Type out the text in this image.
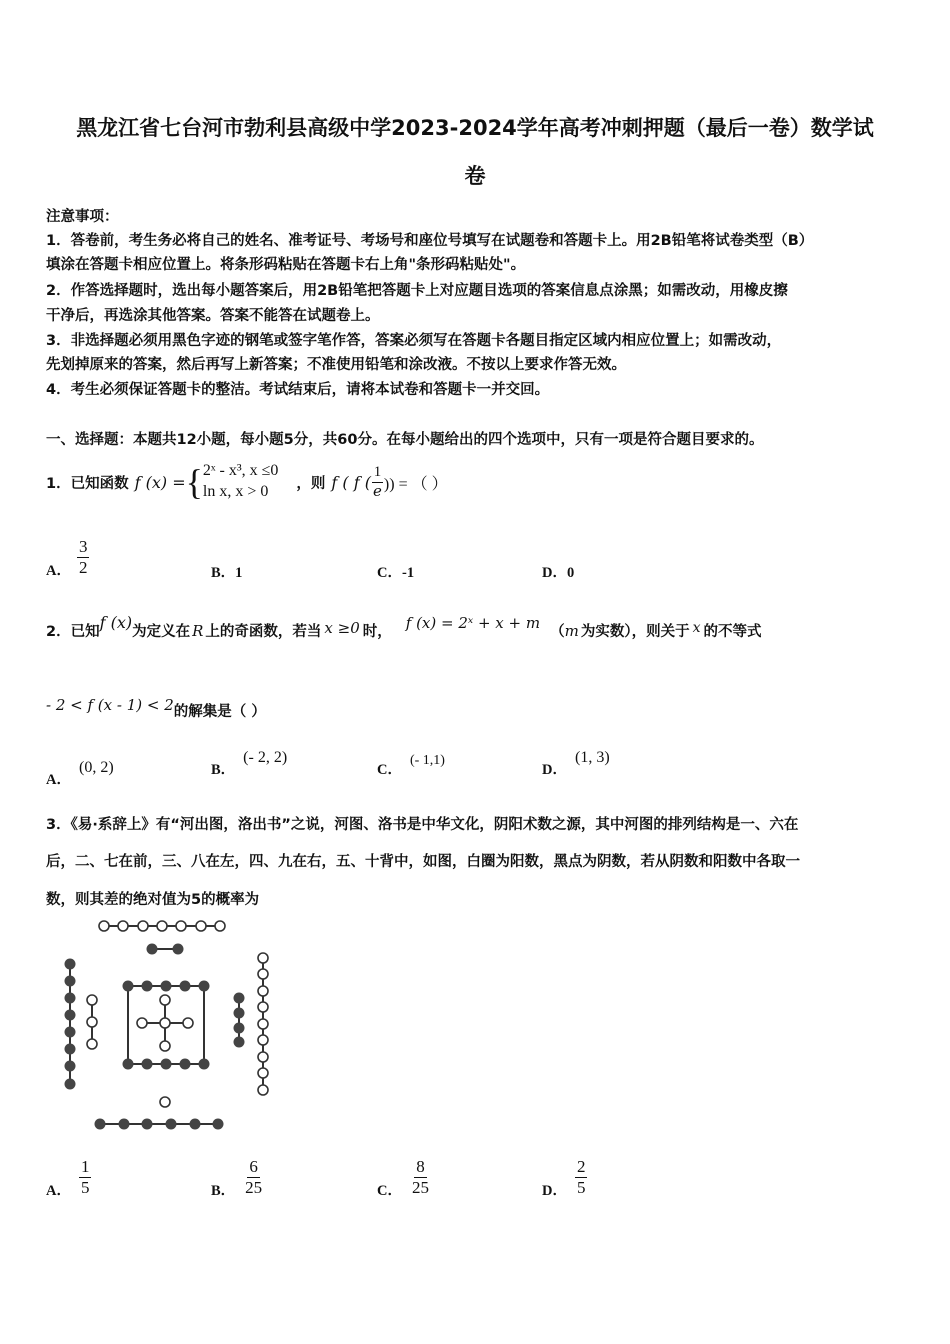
黑龙江省七台河市勃利县高级中学2023-2024学年高考冲刺押题（最后一卷）数学试
卷
注意事项：
1．答卷前，考生务必将自己的姓名、准考证号、考场号和座位号填写在试题卷和答题卡上。用2B铅笔将试卷类型（B）
填涂在答题卡相应位置上。将条形码粘贴在答题卡右上角"条形码粘贴处"。
2．作答选择题时，选出每小题答案后，用2B铅笔把答题卡上对应题目选项的答案信息点涂黑；如需改动，用橡皮擦
干净后，再选涂其他答案。答案不能答在试题卷上。
3．非选择题必须用黑色字迹的钢笔或签字笔作答，答案必须写在答题卡各题目指定区域内相应位置上；如需改动，
先划掉原来的答案，然后再写上新答案；不准使用铅笔和涂改液。不按以上要求作答无效。
4．考生必须保证答题卡的整洁。考试结束后，请将本试卷和答题卡一并交回。
一、选择题：本题共12小题，每小题5分，共60分。在每小题给出的四个选项中，只有一项是符合题目要求的。
1．已知函数 f (x) = { 2ˣ - x³, x ≤0
ln x, x > 0	，则 f ( f ( $\frac{1}{e}$ )) = （ ）
A． $\frac{3}{2}$	B．1	C．-1	D．0
2．已知 f (x) 为定义在 R 上的奇函数，若当 x ≥0 时，
f (x) = 2ˣ + x + m
（ m 为实数），则关于 x 的不等式
- 2 < f (x - 1) < 2 的解集是（ ）
A．
(0, 2)	B．
(- 2, 2)
C．
(- 1,1)
D．
(1, 3)
3．《易·系辞上》有“河出图，洛出书”之说，河图、洛书是中华文化，阴阳术数之源，其中河图的排列结构是一、六在
后，二、七在前，三、八在左，四、九在右，五、十背中，如图，白圈为阳数，黑点为阴数，若从阴数和阳数中各取一
数，则其差的绝对值为5的概率为
A． $\frac{1}{5}$	B． $\frac{6}{25}$	C． $\frac{8}{25}$	D． $\frac{2}{5}$
